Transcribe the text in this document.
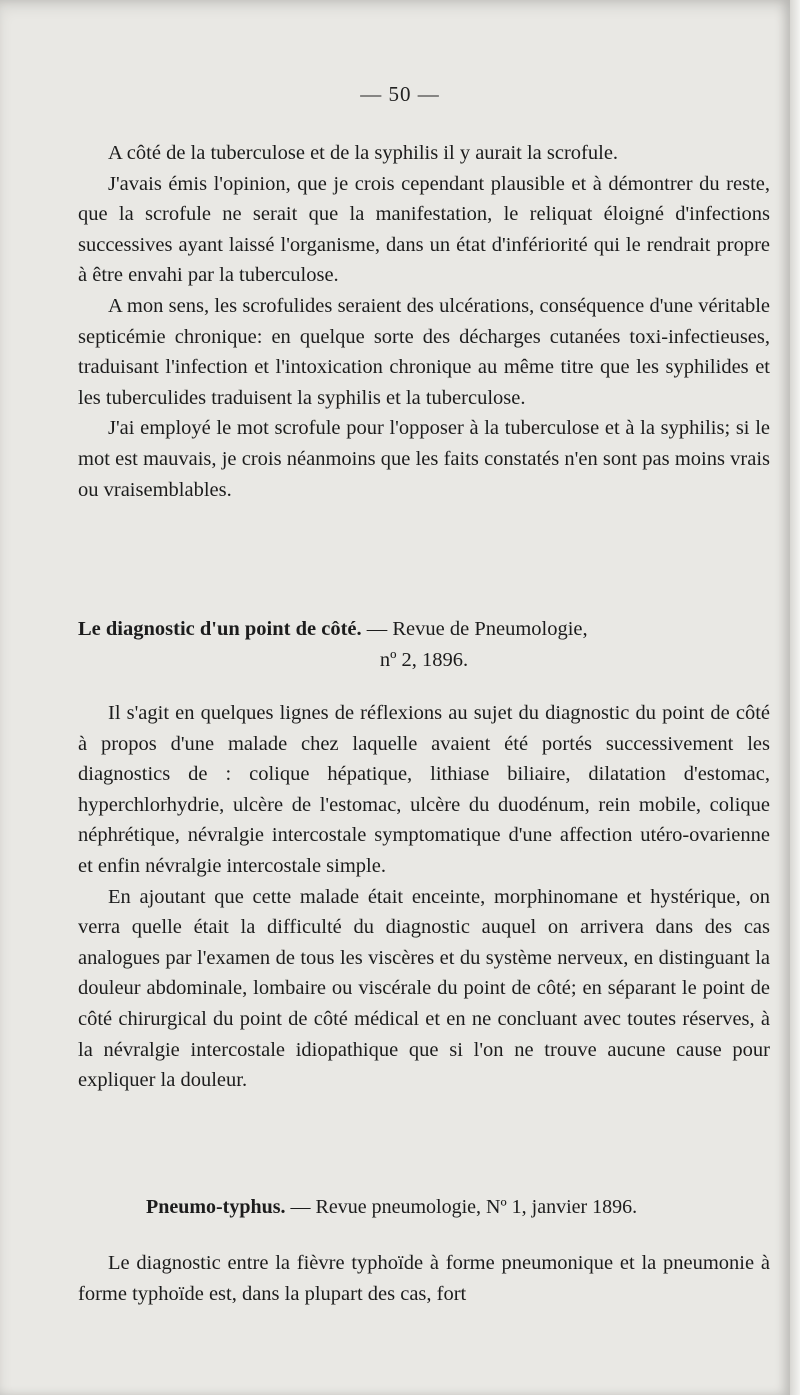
— 50 —

A côté de la tuberculose et de la syphilis il y aurait la scrofule.

J'avais émis l'opinion, que je crois cependant plausible et à démontrer du reste, que la scrofule ne serait que la manifestation, le reliquat éloigné d'infections successives ayant laissé l'organisme, dans un état d'infériorité qui le rendrait propre à être envahi par la tuberculose.

A mon sens, les scrofulides seraient des ulcérations, conséquence d'une véritable septicémie chronique: en quelque sorte des décharges cutanées toxi-infectieuses, traduisant l'infection et l'intoxication chronique au même titre que les syphilides et les tuberculides traduisent la syphilis et la tuberculose.

J'ai employé le mot scrofule pour l'opposer à la tuberculose et à la syphilis; si le mot est mauvais, je crois néanmoins que les faits constatés n'en sont pas moins vrais ou vraisemblables.

Le diagnostic d'un point de côté. — Revue de Pneumologie,

nº 2, 1896.

Il s'agit en quelques lignes de réflexions au sujet du diagnostic du point de côté à propos d'une malade chez laquelle avaient été portés successivement les diagnostics de : colique hépatique, lithiase biliaire, dilatation d'estomac, hyperchlorhydrie, ulcère de l'estomac, ulcère du duodénum, rein mobile, colique néphrétique, névralgie intercostale symptomatique d'une affection utéro-ovarienne et enfin névralgie intercostale simple.

En ajoutant que cette malade était enceinte, morphinomane et hystérique, on verra quelle était la difficulté du diagnostic auquel on arrivera dans des cas analogues par l'examen de tous les viscères et du système nerveux, en distinguant la douleur abdominale, lombaire ou viscérale du point de côté; en séparant le point de côté chirurgical du point de côté médical et en ne concluant avec toutes réserves, à la névralgie intercostale idiopathique que si l'on ne trouve aucune cause pour expliquer la douleur.

Pneumo-typhus. — Revue pneumologie, Nº 1, janvier 1896.

Le diagnostic entre la fièvre typhoïde à forme pneumonique et la pneumonie à forme typhoïde est, dans la plupart des cas, fort
